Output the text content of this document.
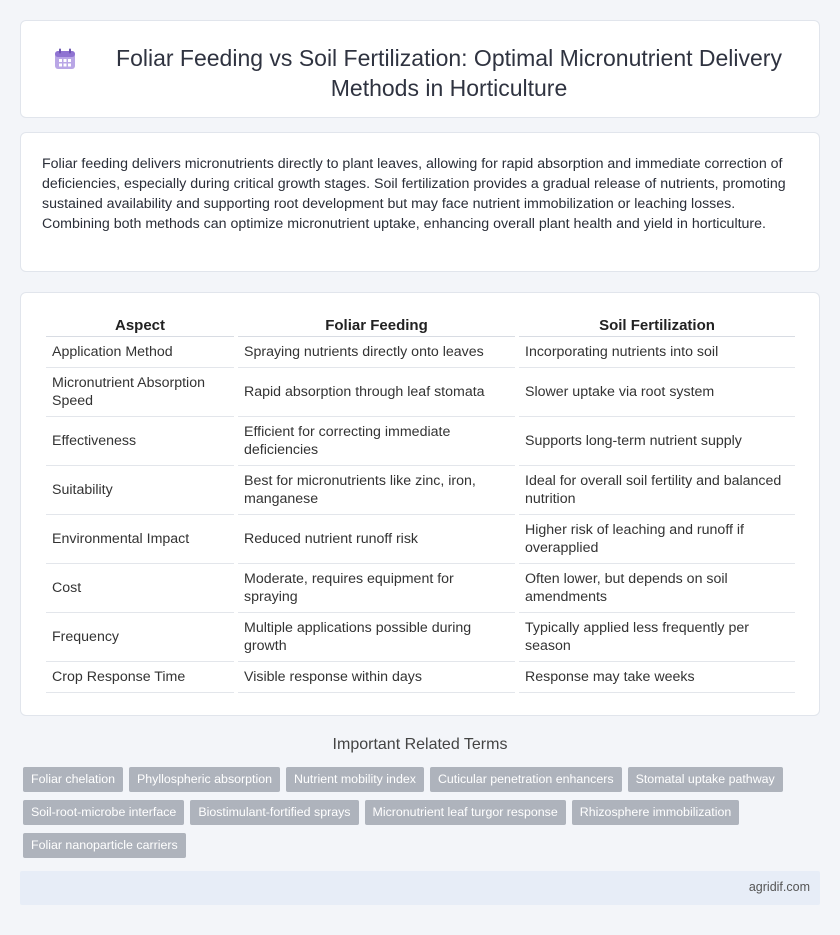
Foliar Feeding vs Soil Fertilization: Optimal Micronutrient Delivery Methods in Horticulture

Foliar feeding delivers micronutrients directly to plant leaves, allowing for rapid absorption and immediate correction of deficiencies, especially during critical growth stages. Soil fertilization provides a gradual release of nutrients, promoting sustained availability and supporting root development but may face nutrient immobilization or leaching losses. Combining both methods can optimize micronutrient uptake, enhancing overall plant health and yield in horticulture.

Aspect	Foliar Feeding	Soil Fertilization
Application Method	Spraying nutrients directly onto leaves	Incorporating nutrients into soil
Micronutrient Absorption Speed	Rapid absorption through leaf stomata	Slower uptake via root system
Effectiveness	Efficient for correcting immediate deficiencies	Supports long-term nutrient supply
Suitability	Best for micronutrients like zinc, iron, manganese	Ideal for overall soil fertility and balanced nutrition
Environmental Impact	Reduced nutrient runoff risk	Higher risk of leaching and runoff if overapplied
Cost	Moderate, requires equipment for spraying	Often lower, but depends on soil amendments
Frequency	Multiple applications possible during growth	Typically applied less frequently per season
Crop Response Time	Visible response within days	Response may take weeks
Important Related Terms
Foliar chelation	Phyllospheric absorption	Nutrient mobility index	Cuticular penetration enhancers	Stomatal uptake pathway
Soil-root-microbe interface	Biostimulant-fortified sprays	Micronutrient leaf turgor response	Rhizosphere immobilization
Foliar nanoparticle carriers
agridif.com
